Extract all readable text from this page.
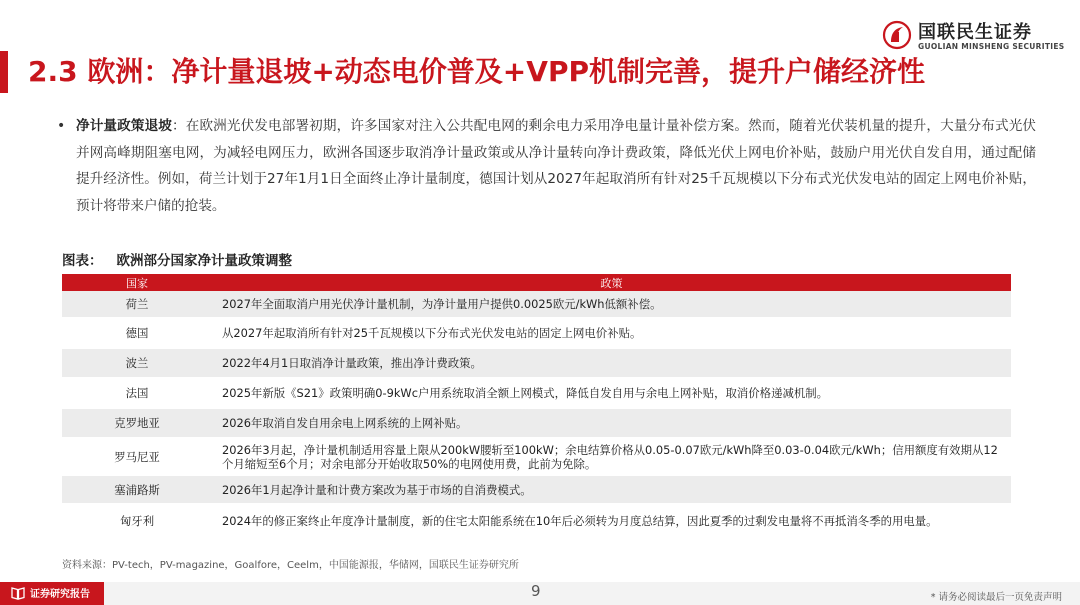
2.3 欧洲：净计量退坡+动态电价普及+VPP机制完善，提升户储经济性
国联民生证券
GUOLIAN MINSHENG SECURITIES
• 净计量政策退坡：在欧洲光伏发电部署初期，许多国家对注入公共配电网的剩余电力采用净电量计量补偿方案。然而，随着光伏装机量的提升，大量分布式光伏并网高峰期阻塞电网，为减轻电网压力，欧洲各国逐步取消净计量政策或从净计量转向净计费政策，降低光伏上网电价补贴，鼓励户用光伏自发自用，通过配储提升经济性。例如，荷兰计划于27年1月1日全面终止净计量制度，德国计划从2027年起取消所有针对25千瓦规模以下分布式光伏发电站的固定上网电价补贴，预计将带来户储的抢装。
图表： 欧洲部分国家净计量政策调整
国家	政策
荷兰	2027年全面取消户用光伏净计量机制，为净计量用户提供0.0025欧元/kWh低额补偿。
德国	从2027年起取消所有针对25千瓦规模以下分布式光伏发电站的固定上网电价补贴。
波兰	2022年4月1日取消净计量政策，推出净计费政策。
法国	2025年新版《S21》政策明确0-9kWc户用系统取消全额上网模式，降低自发自用与余电上网补贴，取消价格递减机制。
克罗地亚	2026年取消自发自用余电上网系统的上网补贴。
罗马尼亚	2026年3月起，净计量机制适用容量上限从200kW腰斩至100kW；余电结算价格从0.05-0.07欧元/kWh降至0.03-0.04欧元/kWh；信用额度有效期从12个月缩短至6个月；对余电部分开始收取50%的电网使用费，此前为免除。
塞浦路斯	2026年1月起净计量和计费方案改为基于市场的自消费模式。
匈牙利	2024年的修正案终止年度净计量制度，新的住宅太阳能系统在10年后必须转为月度总结算，因此夏季的过剩发电量将不再抵消冬季的用电量。
资料来源：PV-tech，PV-magazine，Goalfore，Ceelm，中国能源报，华储网，国联民生证券研究所
证券研究报告	9	* 请务必阅读最后一页免责声明
